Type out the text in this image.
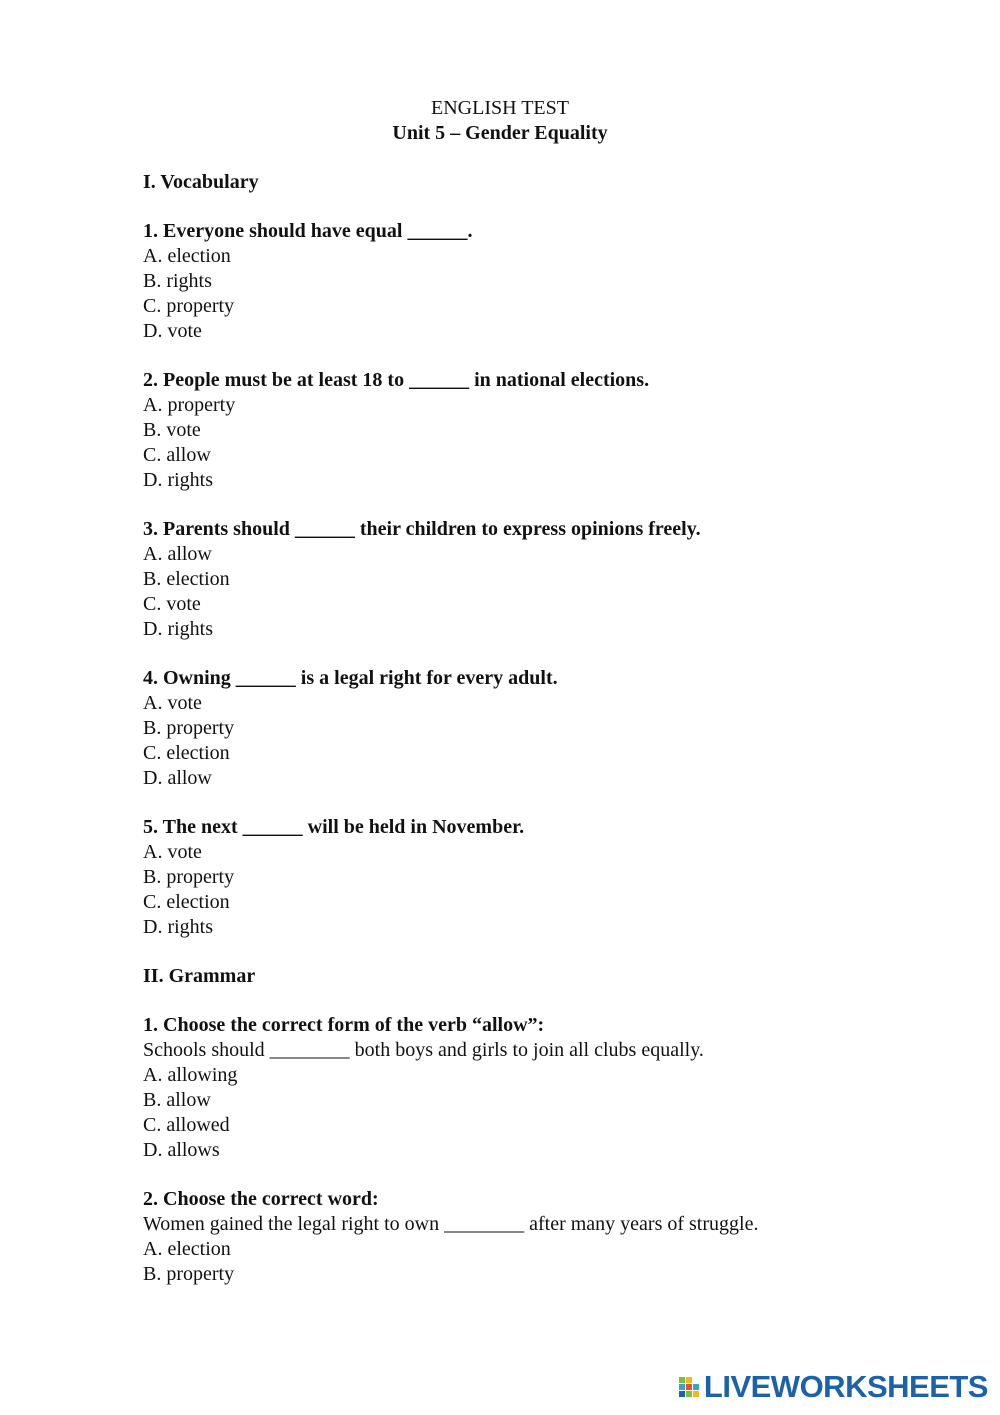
ENGLISH TEST
Unit 5 – Gender Equality
I. Vocabulary
1. Everyone should have equal ______.
A. election
B. rights
C. property
D. vote
2. People must be at least 18 to ______ in national elections.
A. property
B. vote
C. allow
D. rights
3. Parents should ______ their children to express opinions freely.
A. allow
B. election
C. vote
D. rights
4. Owning ______ is a legal right for every adult.
A. vote
B. property
C. election
D. allow
5. The next ______ will be held in November.
A. vote
B. property
C. election
D. rights
II. Grammar
1. Choose the correct form of the verb “allow”:
Schools should ________ both boys and girls to join all clubs equally.
A. allowing
B. allow
C. allowed
D. allows
2. Choose the correct word:
Women gained the legal right to own ________ after many years of struggle.
A. election
B. property
LIVEWORKSHEETS
